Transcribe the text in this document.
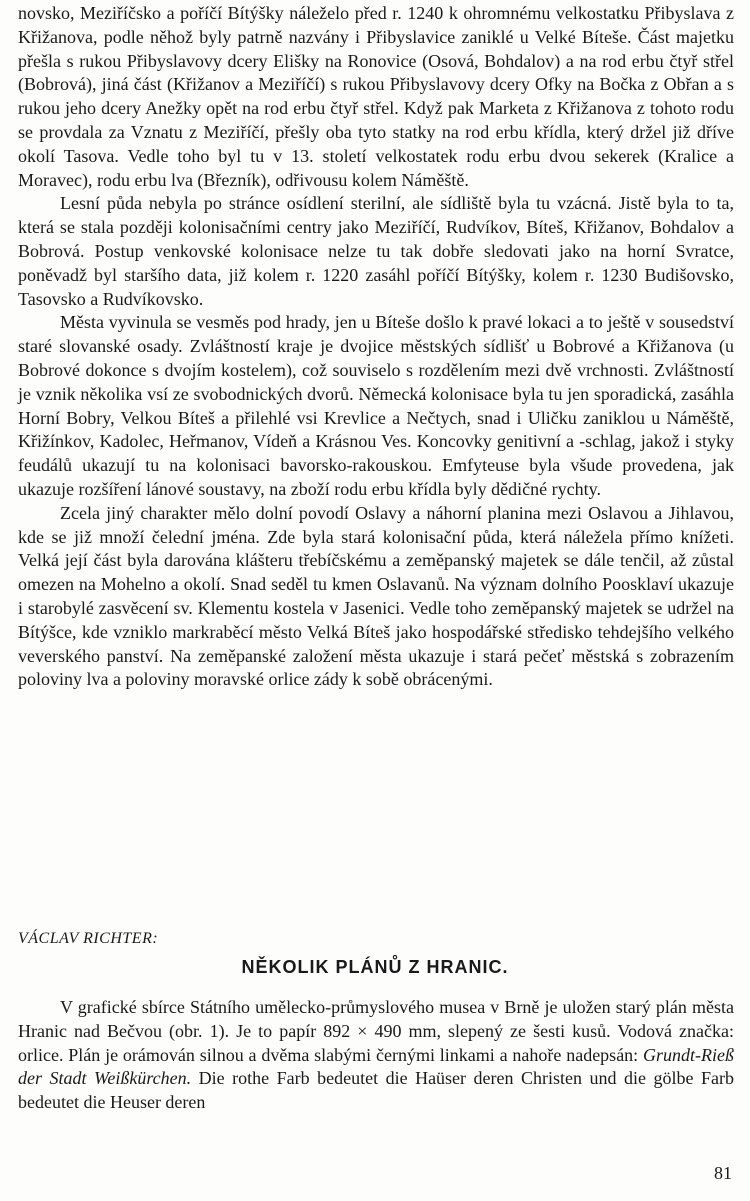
novsko, Meziříčsko a poříčí Bítýšky náleželo před r. 1240 k ohromnému velkostatku Přibyslava z Křižanova, podle něhož byly patrně nazvány i Přibyslavice zaniklé u Velké Bíteše. Část majetku přešla s rukou Přibyslavovy dcery Elišky na Ronovice (Osová, Bohdalov) a na rod erbu čtyř střel (Bobrová), jiná část (Křižanov a Meziříčí) s rukou Přibyslavovy dcery Ofky na Bočka z Obřan a s rukou jeho dcery Anežky opět na rod erbu čtyř střel. Když pak Marketa z Křižanova z tohoto rodu se provdala za Vznatu z Meziříčí, přešly oba tyto statky na rod erbu křídla, který držel již dříve okolí Tasova. Vedle toho byl tu v 13. století velkostatek rodu erbu dvou sekerek (Kralice a Moravec), rodu erbu lva (Březník), odřivousu kolem Náměště.

Lesní půda nebyla po stránce osídlení sterilní, ale sídliště byla tu vzácná. Jistě byla to ta, která se stala později kolonisačními centry jako Meziříčí, Rudvíkov, Bíteš, Křižanov, Bohdalov a Bobrová. Postup venkovské kolonisace nelze tu tak dobře sledovati jako na horní Svratce, poněvadž byl staršího data, již kolem r. 1220 zasáhl poříčí Bítýšky, kolem r. 1230 Budišovsko, Tasovsko a Rudvíkovsko.

Města vyvinula se vesměs pod hrady, jen u Bíteše došlo k pravé lokaci a to ještě v sousedství staré slovanské osady. Zvláštností kraje je dvojice městských sídlišť u Bobrové a Křižanova (u Bobrové dokonce s dvojím kostelem), což souviselo s rozdělením mezi dvě vrchnosti. Zvláštností je vznik několika vsí ze svobodnických dvorů. Německá kolonisace byla tu jen sporadická, zasáhla Horní Bobry, Velkou Bíteš a přilehlé vsi Krevlice a Nečtych, snad i Uličku zaniklou u Náměště, Křižínkov, Kadolec, Heřmanov, Vídeň a Krásnou Ves. Koncovky genitivní a -schlag, jakož i styky feudálů ukazují tu na kolonisaci bavorsko-rakouskou. Emfyteuse byla všude provedena, jak ukazuje rozšíření lánové soustavy, na zboží rodu erbu křídla byly dědičné rychty.

Zcela jiný charakter mělo dolní povodí Oslavy a náhorní planina mezi Oslavou a Jihlavou, kde se již množí čelední jména. Zde byla stará kolonisační půda, která náležela přímo knížeti. Velká její část byla darována klášteru třebíčskému a zeměpanský majetek se dále tenčil, až zůstal omezen na Mohelno a okolí. Snad seděl tu kmen Oslavanů. Na význam dolního Poosklaví ukazuje i starobylé zasvěcení sv. Klementu kostela v Jasenici. Vedle toho zeměpanský majetek se udržel na Bítýšce, kde vzniklo markraběcí město Velká Bíteš jako hospodářské středisko tehdejšího velkého veverského panství. Na zeměpanské založení města ukazuje i stará pečeť městská s zobrazením poloviny lva a poloviny moravské orlice zády k sobě obrácenými.

VÁCLAV RICHTER:
NĚKOLIK PLÁNŮ Z HRANIC.

V grafické sbírce Státního umělecko-průmyslového musea v Brně je uložen starý plán města Hranic nad Bečvou (obr. 1). Je to papír 892 × 490 mm, slepený ze šesti kusů. Vodová značka: orlice. Plán je orámován silnou a dvěma slabými černými linkami a nahoře nadepsán: Grundt-Rieß der Stadt Weißkürchen. Die rothe Farb bedeutet die Haüser deren Christen und die gölbe Farb bedeutet die Heuser deren

81
